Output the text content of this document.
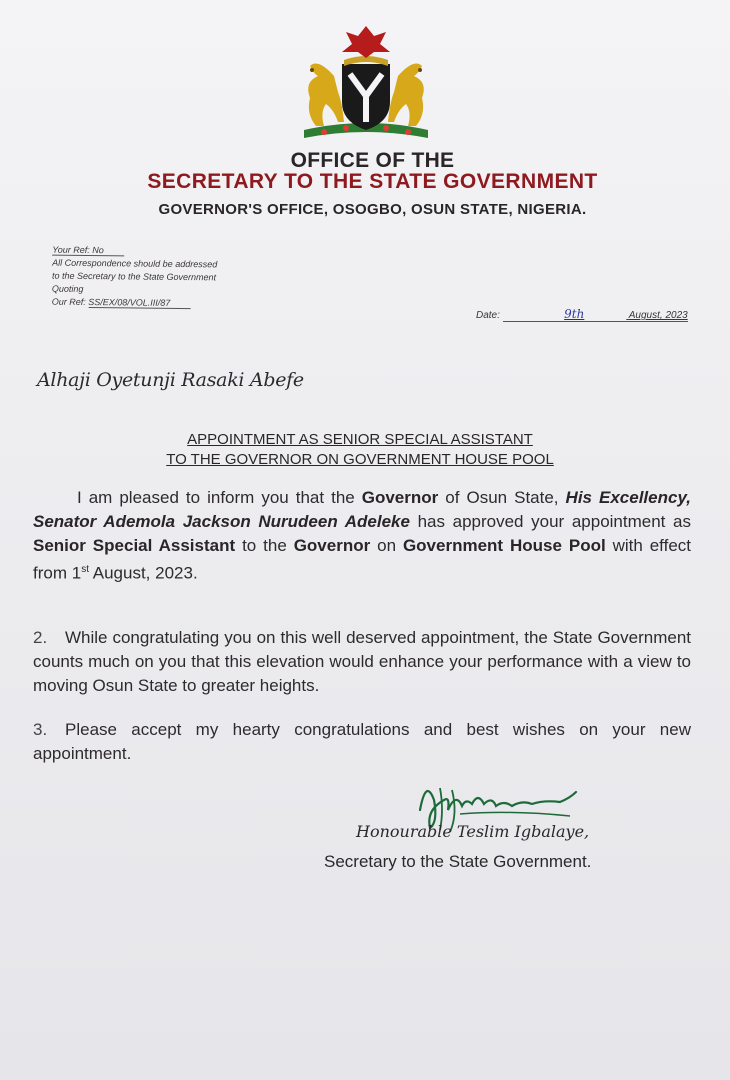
OFFICE OF THE
SECRETARY TO THE STATE GOVERNMENT
GOVERNOR'S OFFICE, OSOGBO, OSUN STATE, NIGERIA.
Your Ref: No
All Correspondence should be addressed
to the Secretary to the State Government
Quoting
Our Ref: SS/EX/08/VOL.III/87
Date:	9th	August, 2023
Alhaji Oyetunji Rasaki Abefe
APPOINTMENT AS SENIOR SPECIAL ASSISTANT
TO THE GOVERNOR ON GOVERNMENT HOUSE POOL
I am pleased to inform you that the Governor of Osun State, His Excellency, Senator Ademola Jackson Nurudeen Adeleke has approved your appointment as Senior Special Assistant to the Governor on Government House Pool with effect from 1st August, 2023.
2. While congratulating you on this well deserved appointment, the State Government counts much on you that this elevation would enhance your performance with a view to moving Osun State to greater heights.
3. Please accept my hearty congratulations and best wishes on your new appointment.
Honourable Teslim Igbalaye,
Secretary to the State Government.
